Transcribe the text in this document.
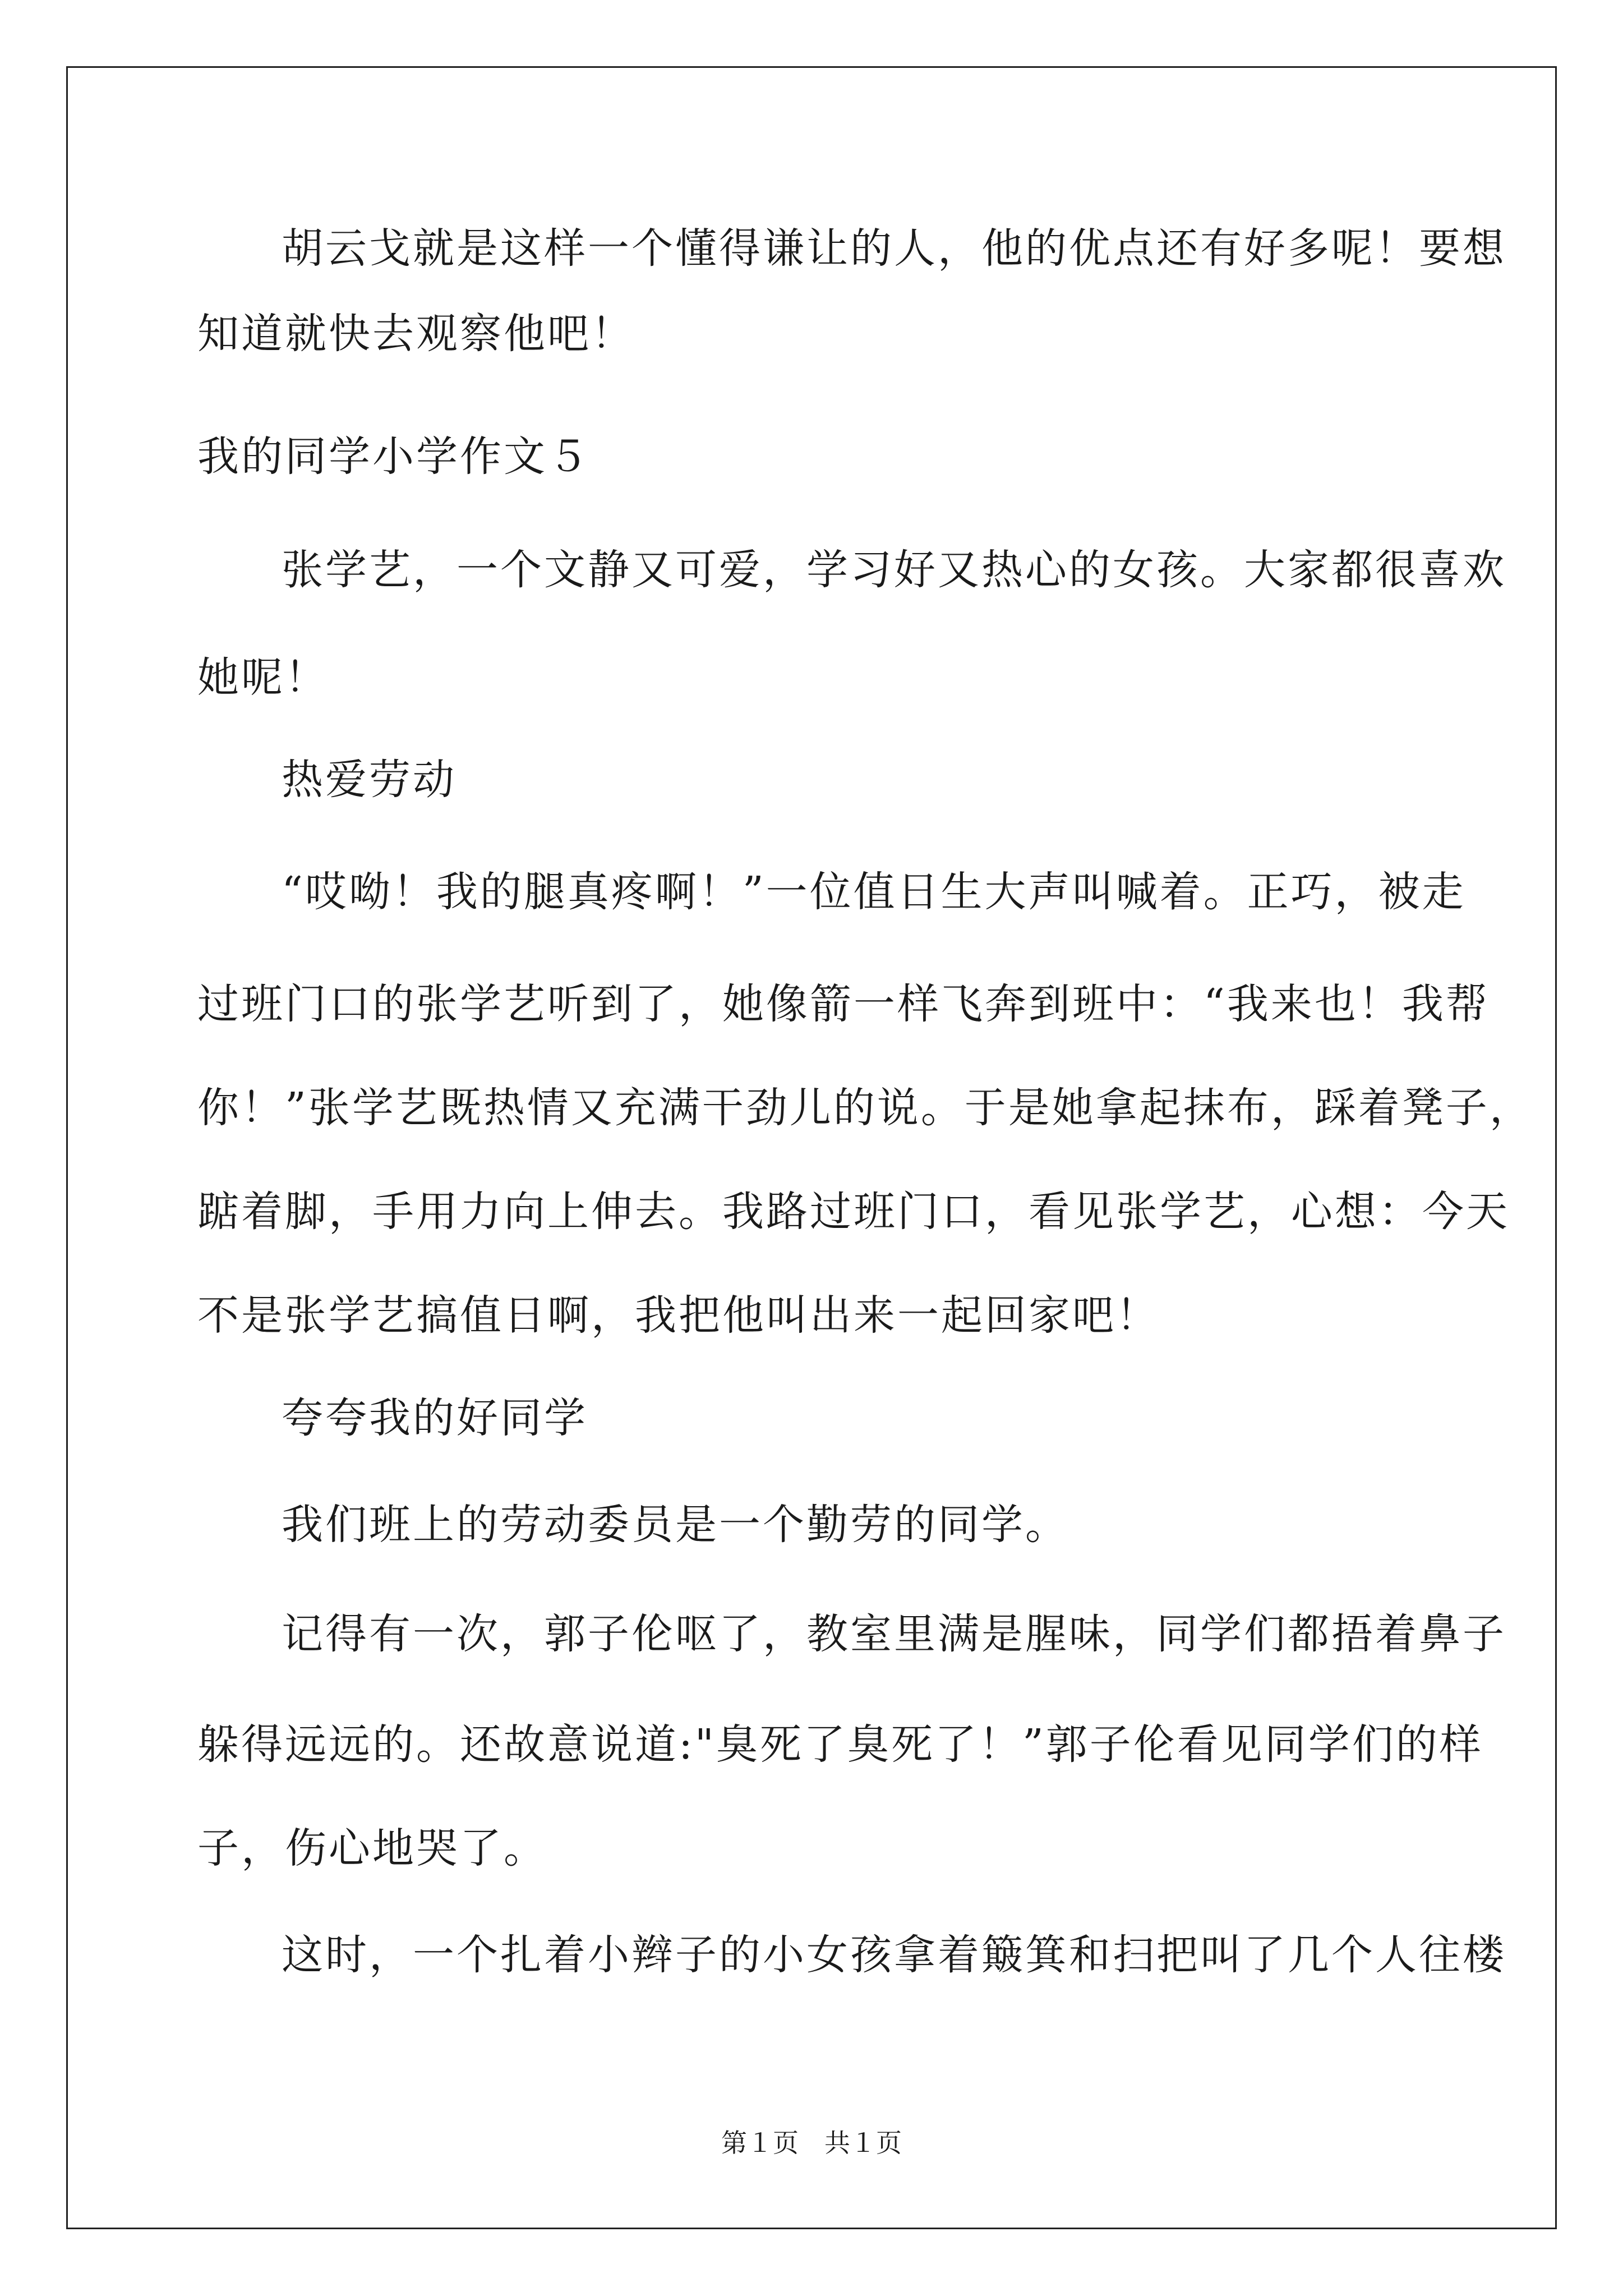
胡云戈就是这样一个懂得谦让的人，他的优点还有好多呢！要想
知道就快去观察他吧！
我的同学小学作文５
张学艺，一个文静又可爱，学习好又热心的女孩。大家都很喜欢
她呢！
热爱劳动
“哎呦！我的腿真疼啊！”一位值日生大声叫喊着。正巧，被走
过班门口的张学艺听到了，她像箭一样飞奔到班中：“我来也！我帮
你！”张学艺既热情又充满干劲儿的说。于是她拿起抹布，踩着凳子，
踮着脚，手用力向上伸去。我路过班门口，看见张学艺，心想：今天
不是张学艺搞值日啊，我把他叫出来一起回家吧！
夸夸我的好同学
我们班上的劳动委员是一个勤劳的同学。
记得有一次，郭子伦呕了，教室里满是腥味，同学们都捂着鼻子
躲得远远的。还故意说道:"臭死了臭死了！”郭子伦看见同学们的样
子，伤心地哭了。
这时，一个扎着小辫子的小女孩拿着簸箕和扫把叫了几个人往楼
第１页　共１页
